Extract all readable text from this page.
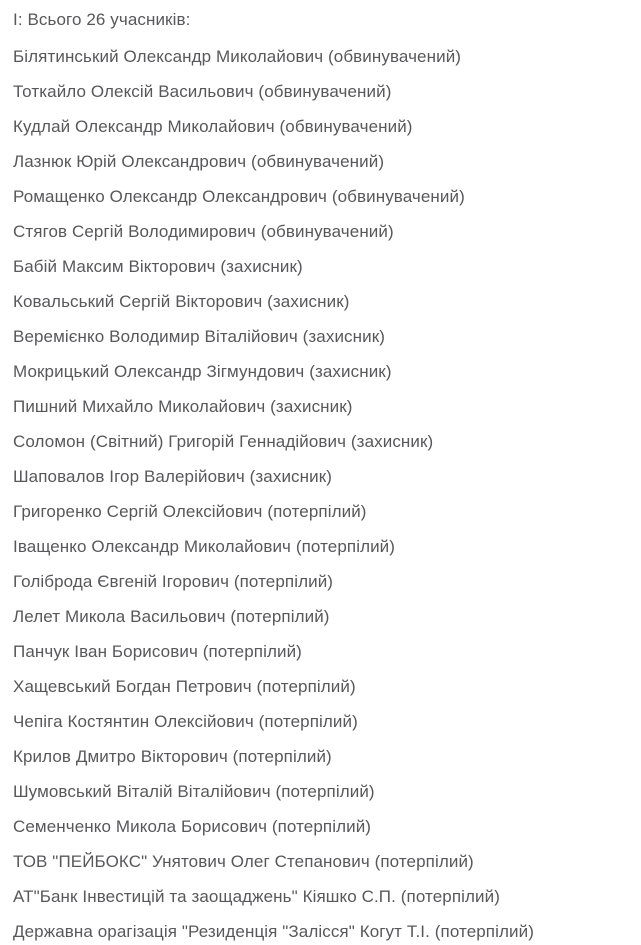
І: Всього 26 учасників:
Білятинський Олександр Миколайович (обвинувачений)
Тоткайло Олексій Васильович (обвинувачений)
Кудлай Олександр Миколайович (обвинувачений)
Лазнюк Юрій Олександрович (обвинувачений)
Ромащенко Олександр Олександрович (обвинувачений)
Стягов Сергій Володимирович (обвинувачений)
Бабій Максим Вікторович (захисник)
Ковальський Сергій Вікторович (захисник)
Веремієнко Володимир Віталійович (захисник)
Мокрицький Олександр Зігмундович (захисник)
Пишний Михайло Миколайович (захисник)
Соломон (Світний) Григорій Геннадійович (захисник)
Шаповалов Ігор Валерійович (захисник)
Григоренко Сергій Олексійович (потерпілий)
Іващенко Олександр Миколайович (потерпілий)
Голіброда Євгеній Ігорович (потерпілий)
Лелет Микола Васильович (потерпілий)
Панчук Іван Борисович (потерпілий)
Хащевський Богдан Петрович (потерпілий)
Чепіга Костянтин Олексійович (потерпілий)
Крилов Дмитро Вікторович (потерпілий)
Шумовський Віталій Віталійович (потерпілий)
Семенченко Микола Борисович (потерпілий)
ТОВ "ПЕЙБОКС" Унятович Олег Степанович (потерпілий)
АТ"Банк Інвестицій та заощаджень" Кіяшко С.П. (потерпілий)
Державна орагізація "Резиденція "Залісся" Когут Т.І. (потерпілий)
